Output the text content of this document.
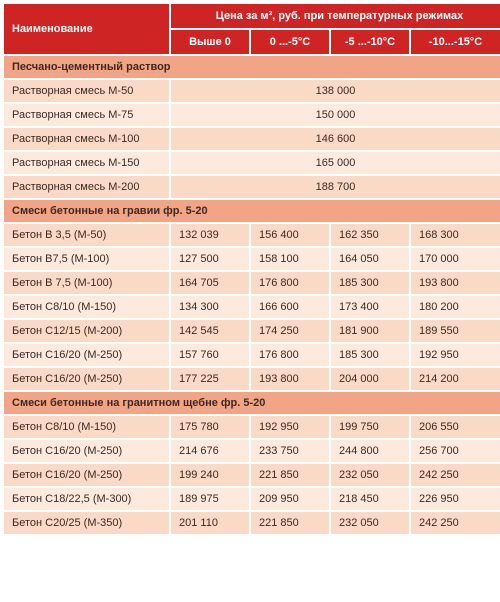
Наименование	Цена за м³, руб. при температурных режимах			
	Выше 0	0 ...-5°C	-5 ...-10°C	-10...-15°C
Песчано-цементный раствор				
Растворная смесь М-50	138 000			
Растворная смесь М-75	150 000			
Растворная смесь М-100	146 600			
Растворная смесь М-150	165 000			
Растворная смесь М-200	188 700			
Смеси бетонные на гравии фр. 5-20				
Бетон В 3,5 (М-50)	132 039	156 400	162 350	168 300
Бетон В7,5 (М-100)	127 500	158 100	164 050	170 000
Бетон В 7,5 (М-100)	164 705	176 800	185 300	193 800
Бетон С8/10 (М-150)	134 300	166 600	173 400	180 200
Бетон С12/15 (М-200)	142 545	174 250	181 900	189 550
Бетон С16/20 (М-250)	157 760	176 800	185 300	192 950
Бетон С16/20 (М-250)	177 225	193 800	204 000	214 200
Смеси бетонные на гранитном щебне фр. 5-20				
Бетон С8/10 (М-150)	175 780	192 950	199 750	206 550
Бетон С16/20 (М-250)	214 676	233 750	244 800	256 700
Бетон С16/20 (М-250)	199 240	221 850	232 050	242 250
Бетон С18/22,5 (М-300)	189 975	209 950	218 450	226 950
Бетон С20/25 (М-350)	201 110	221 850	232 050	242 250
